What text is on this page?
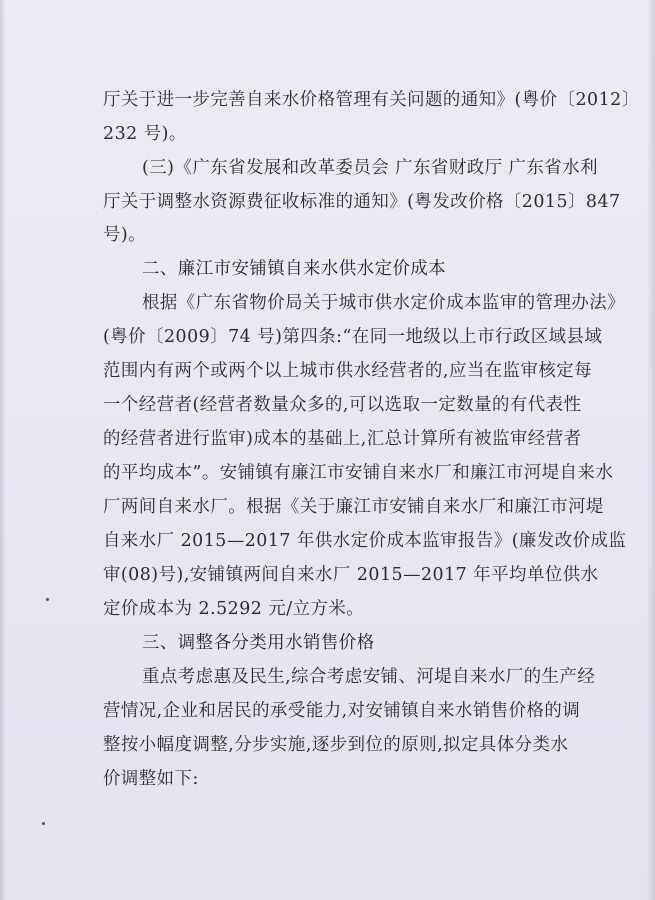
厅关于进一步完善自来水价格管理有关问题的通知》(粤价〔2012〕

232 号)。

(三)《广东省发展和改革委员会 广东省财政厅 广东省水利

厅关于调整水资源费征收标准的通知》(粤发改价格〔2015〕847

号)。

二、廉江市安铺镇自来水供水定价成本

根据《广东省物价局关于城市供水定价成本监审的管理办法》

(粤价〔2009〕74 号)第四条:“在同一地级以上市行政区域县域

范围内有两个或两个以上城市供水经营者的,应当在监审核定每

一个经营者(经营者数量众多的,可以选取一定数量的有代表性

的经营者进行监审)成本的基础上,汇总计算所有被监审经营者

的平均成本”。安铺镇有廉江市安铺自来水厂和廉江市河堤自来水

厂两间自来水厂。根据《关于廉江市安铺自来水厂和廉江市河堤

自来水厂 2015—2017 年供水定价成本监审报告》(廉发改价成监

审(08)号),安铺镇两间自来水厂 2015—2017 年平均单位供水

定价成本为 2.5292 元/立方米。

三、调整各分类用水销售价格

重点考虑惠及民生,综合考虑安铺、河堤自来水厂的生产经

营情况,企业和居民的承受能力,对安铺镇自来水销售价格的调

整按小幅度调整,分步实施,逐步到位的原则,拟定具体分类水

价调整如下:
